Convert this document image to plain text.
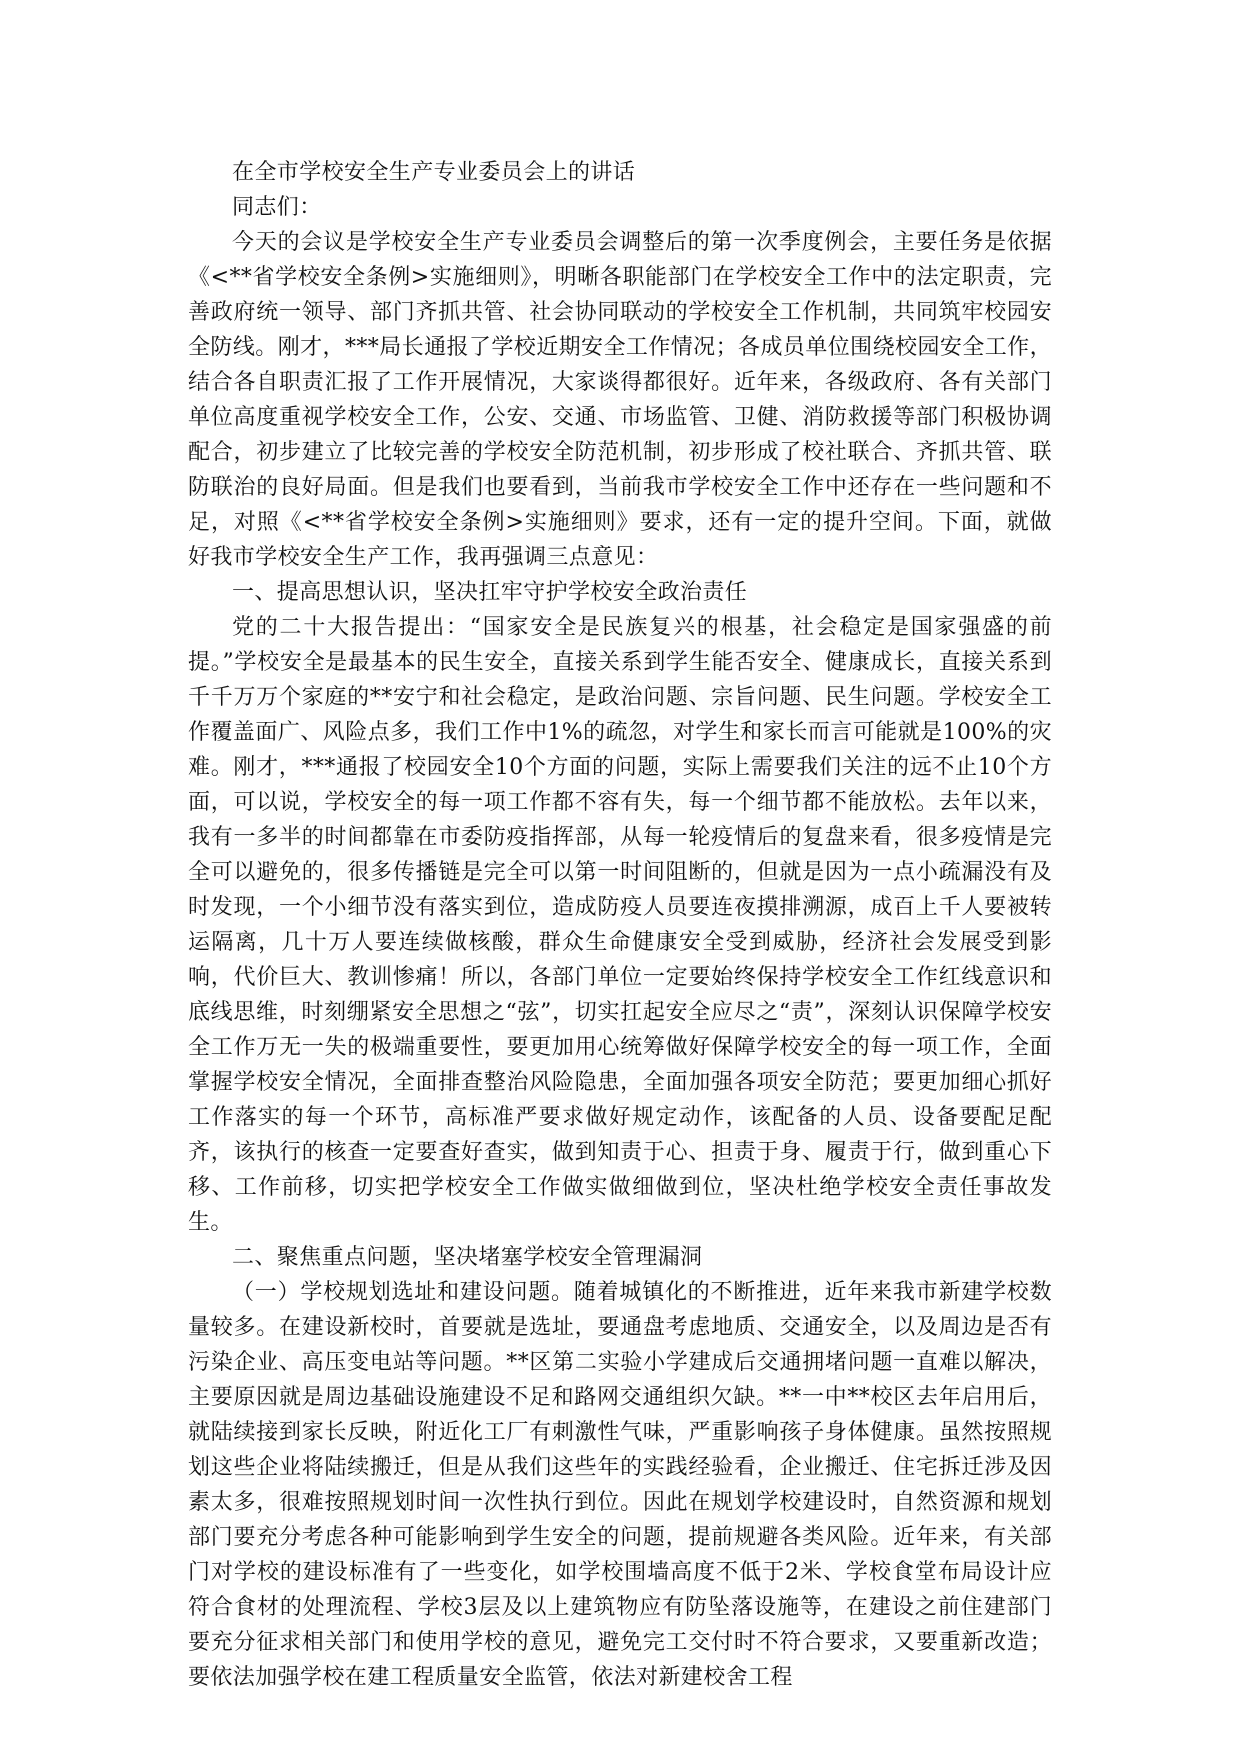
在全市学校安全生产专业委员会上的讲话

同志们：

今天的会议是学校安全生产专业委员会调整后的第一次季度例会，主要任务是依据《<**省学校安全条例>实施细则》，明晰各职能部门在学校安全工作中的法定职责，完善政府统一领导、部门齐抓共管、社会协同联动的学校安全工作机制，共同筑牢校园安全防线。刚才，***局长通报了学校近期安全工作情况；各成员单位围绕校园安全工作，结合各自职责汇报了工作开展情况，大家谈得都很好。近年来，各级政府、各有关部门单位高度重视学校安全工作，公安、交通、市场监管、卫健、消防救援等部门积极协调配合，初步建立了比较完善的学校安全防范机制，初步形成了校社联合、齐抓共管、联防联治的良好局面。但是我们也要看到，当前我市学校安全工作中还存在一些问题和不足，对照《<**省学校安全条例>实施细则》要求，还有一定的提升空间。下面，就做好我市学校安全生产工作，我再强调三点意见：

一、提高思想认识，坚决扛牢守护学校安全政治责任

党的二十大报告提出：“国家安全是民族复兴的根基，社会稳定是国家强盛的前提。”学校安全是最基本的民生安全，直接关系到学生能否安全、健康成长，直接关系到千千万万个家庭的**安宁和社会稳定，是政治问题、宗旨问题、民生问题。学校安全工作覆盖面广、风险点多，我们工作中1%的疏忽，对学生和家长而言可能就是100%的灾难。刚才，***通报了校园安全10个方面的问题，实际上需要我们关注的远不止10个方面，可以说，学校安全的每一项工作都不容有失，每一个细节都不能放松。去年以来，我有一多半的时间都靠在市委防疫指挥部，从每一轮疫情后的复盘来看，很多疫情是完全可以避免的，很多传播链是完全可以第一时间阻断的，但就是因为一点小疏漏没有及时发现，一个小细节没有落实到位，造成防疫人员要连夜摸排溯源，成百上千人要被转运隔离，几十万人要连续做核酸，群众生命健康安全受到威胁，经济社会发展受到影响，代价巨大、教训惨痛！所以，各部门单位一定要始终保持学校安全工作红线意识和底线思维，时刻绷紧安全思想之“弦”，切实扛起安全应尽之“责”，深刻认识保障学校安全工作万无一失的极端重要性，要更加用心统筹做好保障学校安全的每一项工作，全面掌握学校安全情况，全面排查整治风险隐患，全面加强各项安全防范；要更加细心抓好工作落实的每一个环节，高标准严要求做好规定动作，该配备的人员、设备要配足配齐，该执行的核查一定要查好查实，做到知责于心、担责于身、履责于行，做到重心下移、工作前移，切实把学校安全工作做实做细做到位，坚决杜绝学校安全责任事故发生。

二、聚焦重点问题，坚决堵塞学校安全管理漏洞

（一）学校规划选址和建设问题。随着城镇化的不断推进，近年来我市新建学校数量较多。在建设新校时，首要就是选址，要通盘考虑地质、交通安全，以及周边是否有污染企业、高压变电站等问题。**区第二实验小学建成后交通拥堵问题一直难以解决，主要原因就是周边基础设施建设不足和路网交通组织欠缺。**一中**校区去年启用后，就陆续接到家长反映，附近化工厂有刺激性气味，严重影响孩子身体健康。虽然按照规划这些企业将陆续搬迁，但是从我们这些年的实践经验看，企业搬迁、住宅拆迁涉及因素太多，很难按照规划时间一次性执行到位。因此在规划学校建设时，自然资源和规划部门要充分考虑各种可能影响到学生安全的问题，提前规避各类风险。近年来，有关部门对学校的建设标准有了一些变化，如学校围墙高度不低于2米、学校食堂布局设计应符合食材的处理流程、学校3层及以上建筑物应有防坠落设施等，在建设之前住建部门要充分征求相关部门和使用学校的意见，避免完工交付时不符合要求，又要重新改造；要依法加强学校在建工程质量安全监管，依法对新建校舍工程
